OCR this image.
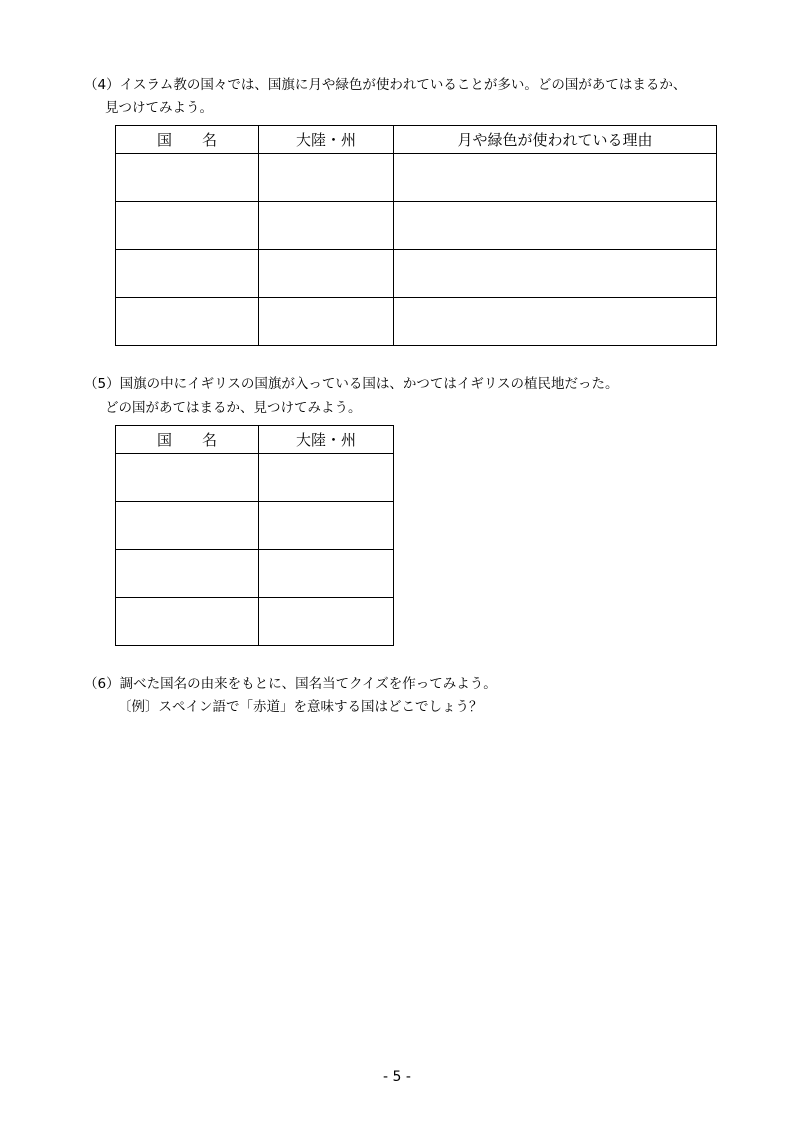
（4）イスラム教の国々では、国旗に月や緑色が使われていることが多い。どの国があてはまるか、
見つけてみよう。
国　　名	大陸・州	月や緑色が使われている理由

（5）国旗の中にイギリスの国旗が入っている国は、かつてはイギリスの植民地だった。
どの国があてはまるか、見つけてみよう。
国　　名	大陸・州

（6）調べた国名の由来をもとに、国名当てクイズを作ってみよう。
〔例〕スペイン語で「赤道」を意味する国はどこでしょう？
- 5 -
